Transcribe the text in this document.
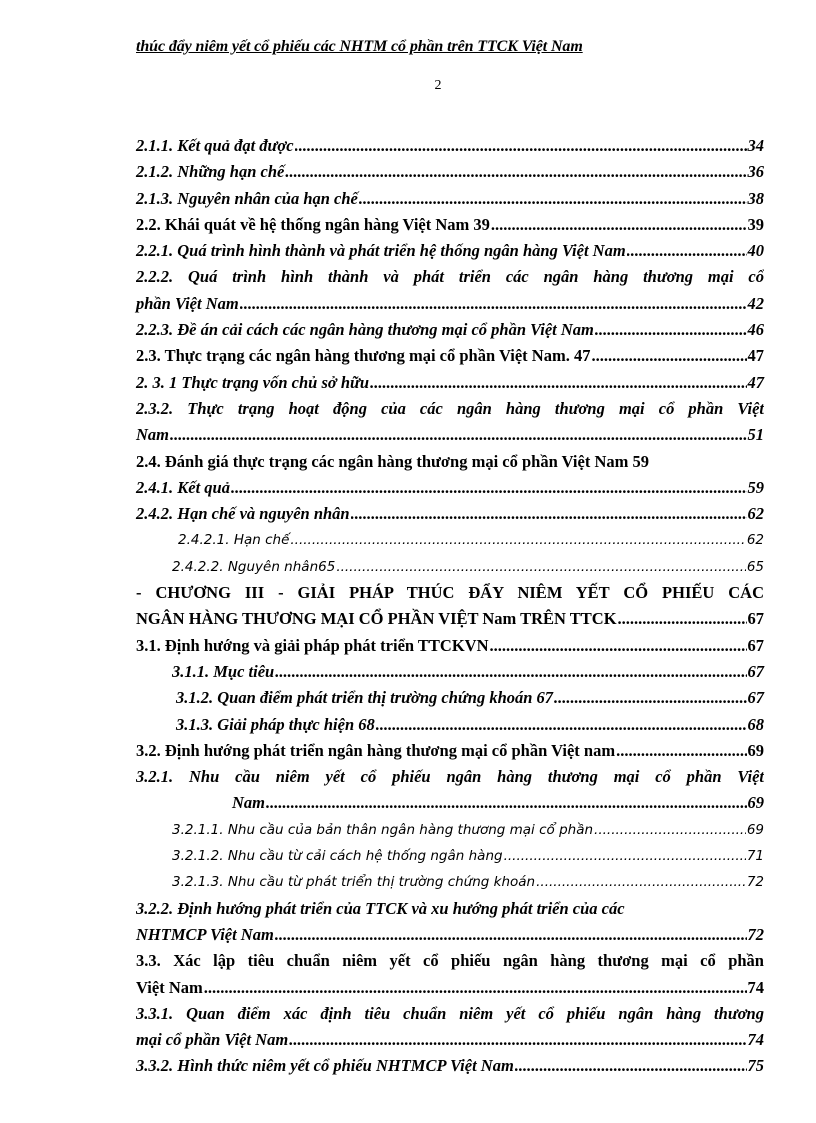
thúc đẩy niêm yết cổ phiếu các NHTM cổ phần trên TTCK Việt Nam
2
2.1.1. Kết quả đạt được .....	34
2.1.2. Những hạn chế .....	36
2.1.3. Nguyên nhân của hạn chế .....	38
2.2. Khái quát về hệ thống ngân hàng Việt Nam 39 .....	39
2.2.1. Quá trình hình thành và phát triển hệ thống ngân hàng Việt Nam .....	40
2.2.2. Quá trình hình thành và phát triển các ngân hàng thương mại cổ
phần Việt Nam .....	42
2.2.3. Đề án cải cách các ngân hàng thương mại cổ phần Việt Nam .....	46
2.3. Thực trạng các ngân hàng thương mại cổ phần Việt Nam. 47 .....	47
2. 3. 1 Thực trạng vốn chủ sở hữu .....	47
2.3.2. Thực trạng hoạt động của các ngân hàng thương mại cổ phần Việt
Nam .....	51
2.4. Đánh giá thực trạng các ngân hàng thương mại cổ phần Việt Nam 59
2.4.1. Kết quả .....	59
2.4.2. Hạn chế và nguyên nhân .....	62
2.4.2.1. Hạn chế .....	62
2.4.2.2. Nguyên nhân65 .....	65
- CHƯƠNG III - GIẢI PHÁP THÚC ĐẨY NIÊM YẾT CỔ PHIẾU CÁC
NGÂN HÀNG THƯƠNG MẠI CỔ PHẦN VIỆT Nam TRÊN TTCK .....	67
3.1. Định hướng và giải pháp phát triển TTCKVN .....	67
3.1.1. Mục tiêu .....	67
3.1.2. Quan điểm phát triển thị trường chứng khoán 67 .....	67
3.1.3. Giải pháp thực hiện 68 .....	68
3.2. Định hướng phát triển ngân hàng thương mại cổ phần Việt nam .....	69
3.2.1. Nhu cầu niêm yết cổ phiếu ngân hàng thương mại cổ phần Việt
Nam .....	69
3.2.1.1. Nhu cầu của bản thân ngân hàng thương mại cổ phần .....	69
3.2.1.2. Nhu cầu từ cải cách hệ thống ngân hàng .....	71
3.2.1.3. Nhu cầu từ phát triển thị trường chứng khoán .....	72
3.2.2. Định hướng phát triển của TTCK và xu hướng phát triển của các
NHTMCP Việt Nam .....	72
3.3. Xác lập tiêu chuẩn niêm yết cổ phiếu ngân hàng thương mại cổ phần
Việt Nam .....	74
3.3.1. Quan điểm xác định tiêu chuẩn niêm yết cổ phiếu ngân hàng thương
mại cổ phần Việt Nam .....	74
3.3.2. Hình thức niêm yết cổ phiếu NHTMCP Việt Nam .....	75
